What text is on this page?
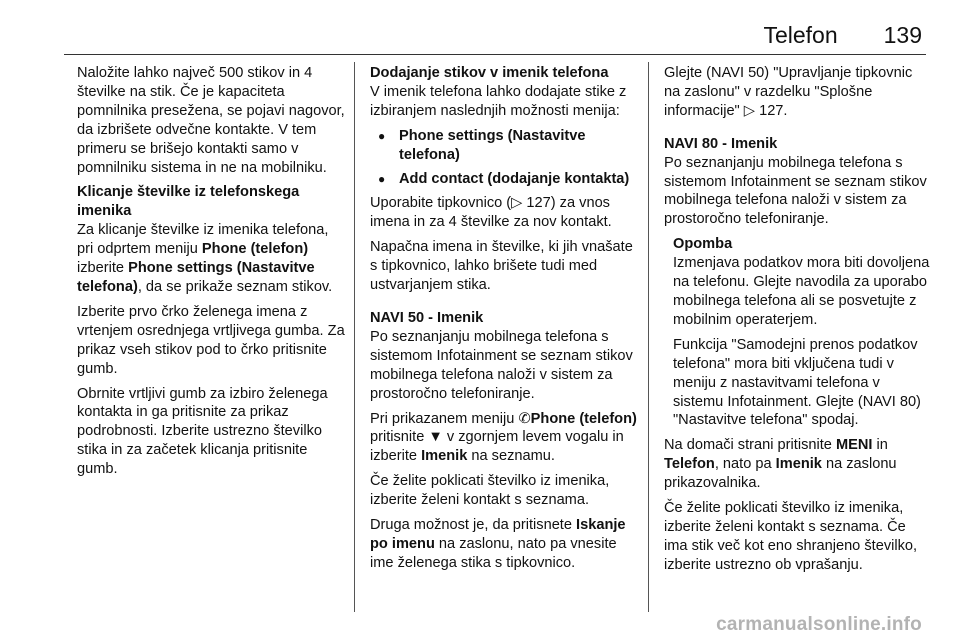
Telefon 139

Naložite lahko največ 500 stikov in 4 številke na stik. Če je kapaciteta pomnilnika presežena, se pojavi nagovor, da izbrišete odvečne kontakte. V tem primeru se brišejo kontakti samo v pomnilniku sistema in ne na mobilniku.

Klicanje številke iz telefonskega imenika

Za klicanje številke iz imenika telefona, pri odprtem meniju Phone (telefon) izberite Phone settings (Nastavitve telefona), da se prikaže seznam stikov.

Izberite prvo črko želenega imena z vrtenjem osrednjega vrtljivega gumba. Za prikaz vseh stikov pod to črko pritisnite gumb.

Obrnite vrtljivi gumb za izbiro želenega kontakta in ga pritisnite za prikaz podrobnosti. Izberite ustrezno številko stika in za začetek klicanja pritisnite gumb.

Dodajanje stikov v imenik telefona

V imenik telefona lahko dodajate stike z izbiranjem naslednjih možnosti menija:

● Phone settings (Nastavitve telefona)
● Add contact (dodajanje kontakta)

Uporabite tipkovnico (▷ 127) za vnos imena in za 4 številke za nov kontakt.

Napačna imena in številke, ki jih vnašate s tipkovnico, lahko brišete tudi med ustvarjanjem stika.

NAVI 50 - Imenik

Po seznanjanju mobilnega telefona s sistemom Infotainment se seznam stikov mobilnega telefona naloži v sistem za prostoročno telefoniranje.

Pri prikazanem meniju ✆Phone (telefon) pritisnite ▼ v zgornjem levem vogalu in izberite Imenik na seznamu.

Če želite poklicati številko iz imenika, izberite želeni kontakt s seznama.

Druga možnost je, da pritisnete Iskanje po imenu na zaslonu, nato pa vnesite ime želenega stika s tipkovnico.

Glejte (NAVI 50) "Upravljanje tipkovnic na zaslonu" v razdelku "Splošne informacije" ▷ 127.

NAVI 80 - Imenik

Po seznanjanju mobilnega telefona s sistemom Infotainment se seznam stikov mobilnega telefona naloži v sistem za prostoročno telefoniranje.

Opomba

Izmenjava podatkov mora biti dovoljena na telefonu. Glejte navodila za uporabo mobilnega telefona ali se posvetujte z mobilnim operaterjem.

Funkcija "Samodejni prenos podatkov telefona" mora biti vključena tudi v meniju z nastavitvami telefona v sistemu Infotainment. Glejte (NAVI 80) "Nastavitve telefona" spodaj.

Na domači strani pritisnite MENI in Telefon, nato pa Imenik na zaslonu prikazovalnika.

Če želite poklicati številko iz imenika, izberite želeni kontakt s seznama. Če ima stik več kot eno shranjeno številko, izberite ustrezno ob vprašanju.

carmanualsonline.info
